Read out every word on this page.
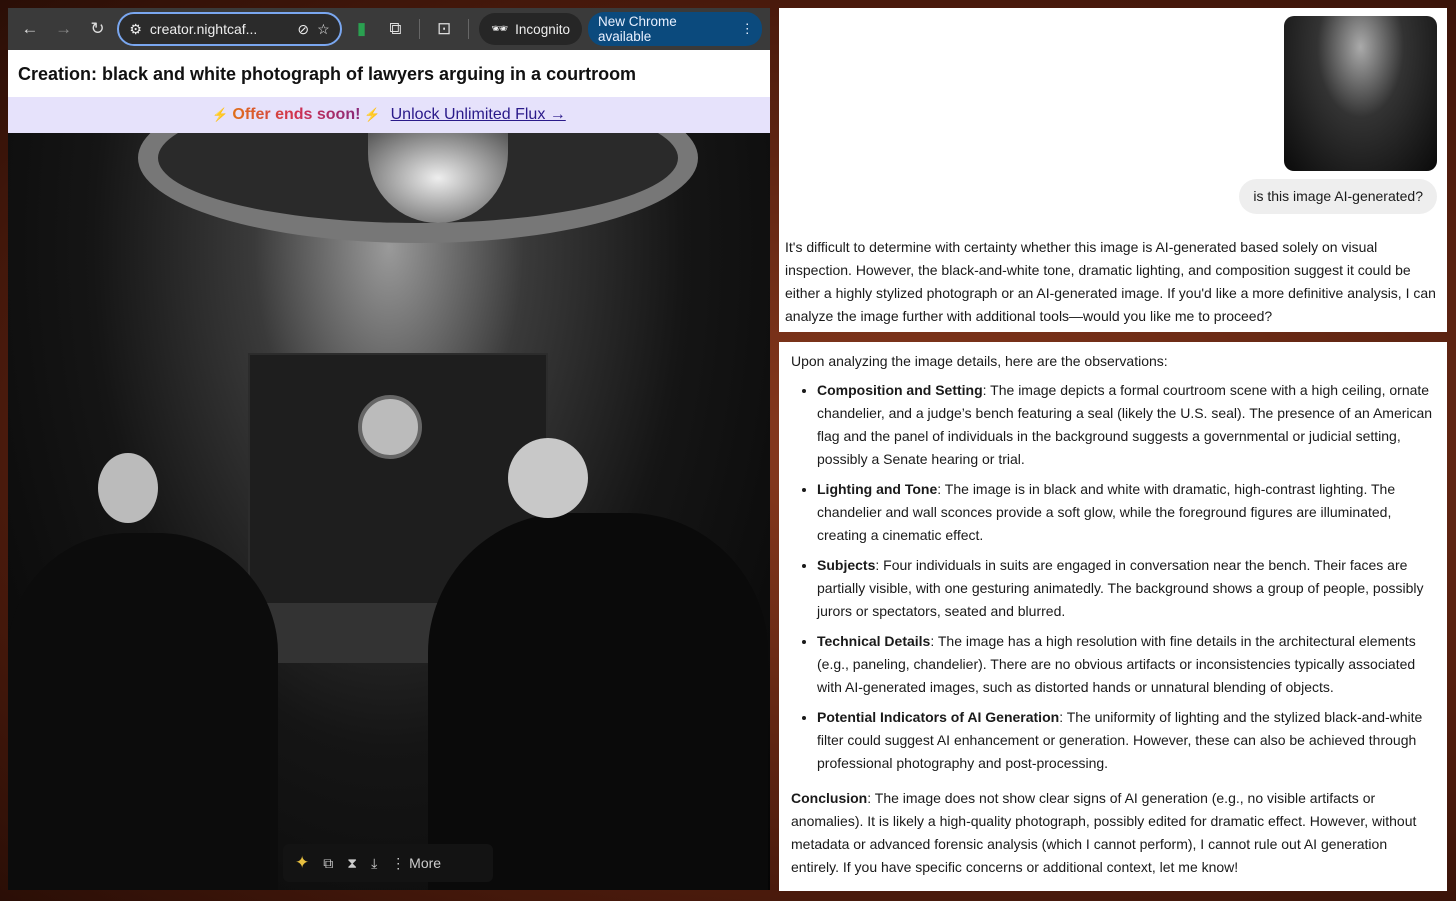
← →	↻	⚙ creator.nightcaf...	⊘ ☆	▮	⧉	⊡	🕶 Incognito New Chrome available
⋮
Creation: black and white photograph of lawyers arguing in a courtroom
⚡ Offer ends soon! ⚡ Unlock Unlimited Flux →
✦ ⧉ ⧗ ⤓ ⋮ More
is this image AI-generated?
It's difficult to determine with certainty whether this image is AI-generated based solely on visual inspection. However, the black-and-white tone, dramatic lighting, and composition suggest it could be either a highly stylized photograph or an AI-generated image. If you'd like a more definitive analysis, I can analyze the image further with additional tools—would you like me to proceed?
Upon analyzing the image details, here are the observations:
• Composition and Setting: The image depicts a formal courtroom scene with a high ceiling, ornate chandelier, and a judge’s bench featuring a seal (likely the U.S. seal). The presence of an American flag and the panel of individuals in the background suggests a governmental or judicial setting, possibly a Senate hearing or trial.
• Lighting and Tone: The image is in black and white with dramatic, high-contrast lighting. The chandelier and wall sconces provide a soft glow, while the foreground figures are illuminated, creating a cinematic effect.
• Subjects: Four individuals in suits are engaged in conversation near the bench. Their faces are partially visible, with one gesturing animatedly. The background shows a group of people, possibly jurors or spectators, seated and blurred.
• Technical Details: The image has a high resolution with fine details in the architectural elements (e.g., paneling, chandelier). There are no obvious artifacts or inconsistencies typically associated with AI-generated images, such as distorted hands or unnatural blending of objects.
• Potential Indicators of AI Generation: The uniformity of lighting and the stylized black-and-white filter could suggest AI enhancement or generation. However, these can also be achieved through professional photography and post-processing.

Conclusion: The image does not show clear signs of AI generation (e.g., no visible artifacts or anomalies). It is likely a high-quality photograph, possibly edited for dramatic effect. However, without metadata or advanced forensic analysis (which I cannot perform), I cannot rule out AI generation entirely. If you have specific concerns or additional context, let me know!
